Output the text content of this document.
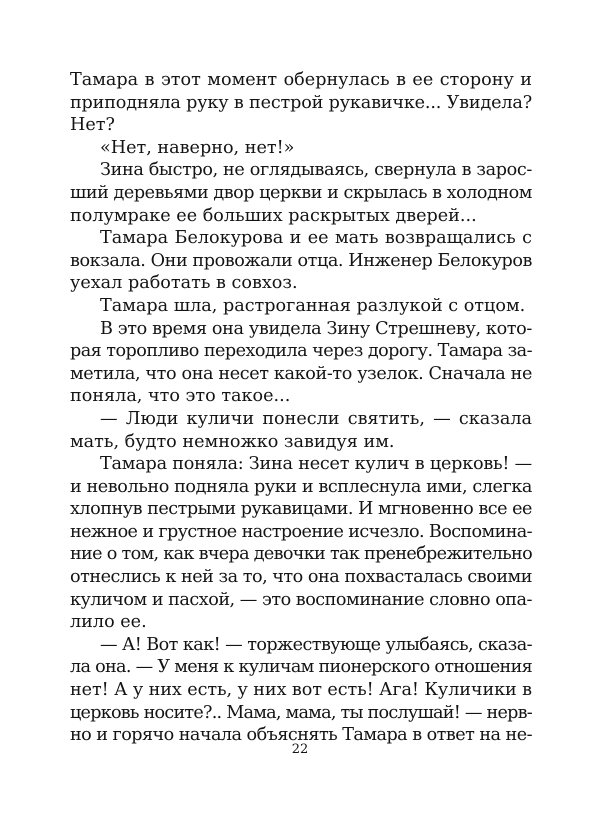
Тамара в этот момент обернулась в ее сторону и
приподняла руку в пестрой рукавичке... Увидела?
Нет?
«Нет, наверно, нет!»
Зина быстро, не оглядываясь, свернула в зарос-
ший деревьями двор церкви и скрылась в холодном
полумраке ее больших раскрытых дверей...
Тамара Белокурова и ее мать возвращались с
вокзала. Они провожали отца. Инженер Белокуров
уехал работать в совхоз.
Тамара шла, растроганная разлукой с отцом.
В это время она увидела Зину Стрешневу, кото-
рая торопливо переходила через дорогу. Тамара за-
метила, что она несет какой-то узелок. Сначала не
поняла, что это такое...
— Люди куличи понесли святить, — сказала
мать, будто немножко завидуя им.
Тамара поняла: Зина несет кулич в церковь! —
и невольно подняла руки и всплеснула ими, слегка
хлопнув пестрыми рукавицами. И мгновенно все ее
нежное и грустное настроение исчезло. Воспомина-
ние о том, как вчера девочки так пренебрежительно
отнеслись к ней за то, что она похвасталась своими
куличом и пасхой, — это воспоминание словно опа-
лило ее.
— А! Вот как! — торжествующе улыбаясь, сказа-
ла она. — У меня к куличам пионерского отношения
нет! А у них есть, у них вот есть! Ага! Куличики в
церковь носите?.. Мама, мама, ты послушай! — нерв-
но и горячо начала объяснять Тамара в ответ на не-
22
